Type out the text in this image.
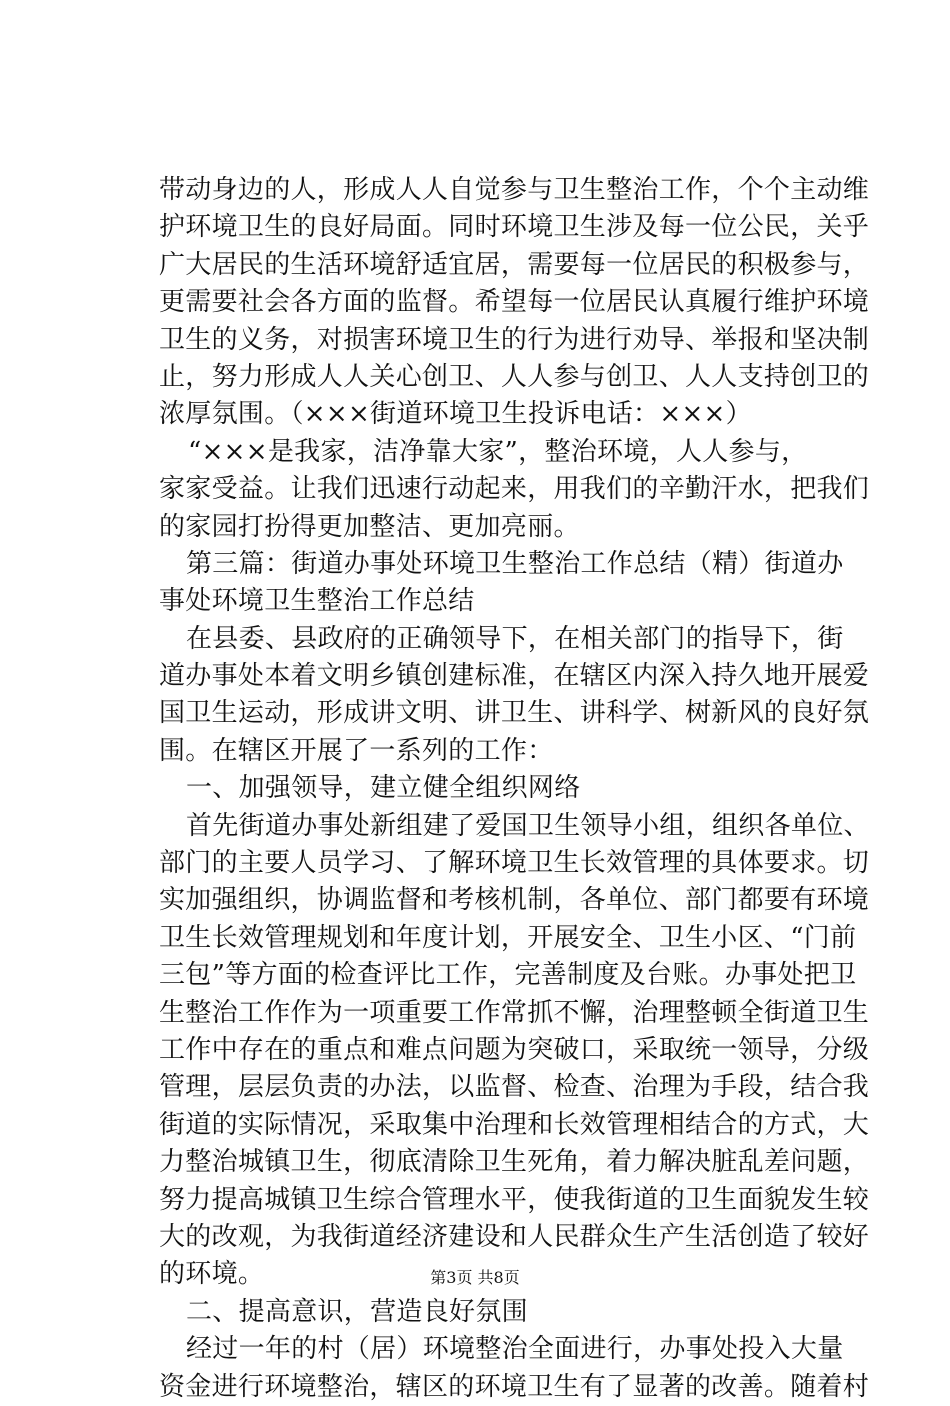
带动身边的人，形成人人自觉参与卫生整治工作，个个主动维

护环境卫生的良好局面。同时环境卫生涉及每一位公民，关乎

广大居民的生活环境舒适宜居，需要每一位居民的积极参与，

更需要社会各方面的监督。希望每一位居民认真履行维护环境

卫生的义务，对损害环境卫生的行为进行劝导、举报和坚决制

止，努力形成人人关心创卫、人人参与创卫、人人支持创卫的

浓厚氛围。（×××街道环境卫生投诉电话：×××）

“×××是我家，洁净靠大家”，整治环境，人人参与，

家家受益。让我们迅速行动起来，用我们的辛勤汗水，把我们

的家园打扮得更加整洁、更加亮丽。

第三篇：街道办事处环境卫生整治工作总结（精）街道办

事处环境卫生整治工作总结

在县委、县政府的正确领导下，在相关部门的指导下，街

道办事处本着文明乡镇创建标准，在辖区内深入持久地开展爱

国卫生运动，形成讲文明、讲卫生、讲科学、树新风的良好氛

围。在辖区开展了一系列的工作：

一、加强领导，建立健全组织网络

首先街道办事处新组建了爱国卫生领导小组，组织各单位、

部门的主要人员学习、了解环境卫生长效管理的具体要求。切

实加强组织，协调监督和考核机制，各单位、部门都要有环境

卫生长效管理规划和年度计划，开展安全、卫生小区、“门前

三包”等方面的检查评比工作，完善制度及台账。办事处把卫

生整治工作作为一项重要工作常抓不懈，治理整顿全街道卫生

工作中存在的重点和难点问题为突破口，采取统一领导，分级

管理，层层负责的办法，以监督、检查、治理为手段，结合我

街道的实际情况，采取集中治理和长效管理相结合的方式，大

力整治城镇卫生，彻底清除卫生死角，着力解决脏乱差问题，

努力提高城镇卫生综合管理水平，使我街道的卫生面貌发生较

大的改观，为我街道经济建设和人民群众生产生活创造了较好

的环境。

二、提高意识，营造良好氛围

经过一年的村（居）环境整治全面进行，办事处投入大量

资金进行环境整治，辖区的环境卫生有了显著的改善。随着村

第3页 共8页
